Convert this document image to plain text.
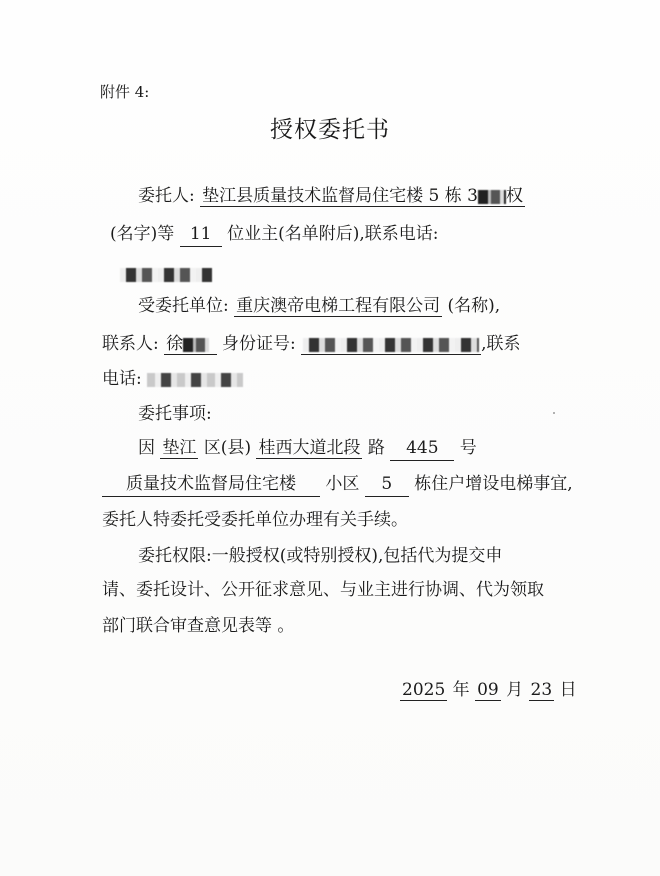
附件 4:
授权委托书
委托人: 垫江县质量技术监督局住宅楼 5 栋 3 权
(名字)等 11 位业主(名单附后),联系电话:
受委托单位: 重庆澳帝电梯工程有限公司 (名称),
联系人: 徐 身份证号:	,联系
电话:
委托事项:
因 垫江 区(县) 桂西大道北段 路 445 号
质量技术监督局住宅楼 小区 5 栋住户增设电梯事宜,
委托人特委托受委托单位办理有关手续。
委托权限:一般授权(或特别授权),包括代为提交申
请、委托设计、公开征求意见、与业主进行协调、代为领取
部门联合审查意见表等 。
2025 年 09 月 23 日
